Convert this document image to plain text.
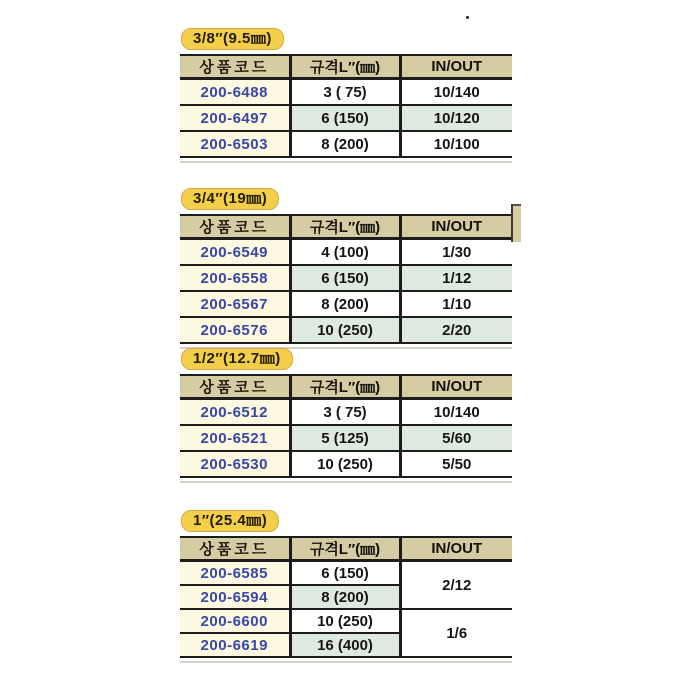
3/8″(9.5㎜)
상품코드	규격L″(㎜)	IN/OUT
200-6488	3 ( 75)	10/140
200-6497	6 (150)	10/120
200-6503	8 (200)	10/100
3/4″(19㎜)
상품코드	규격L″(㎜)	IN/OUT
200-6549	4 (100)	1/30
200-6558	6 (150)	1/12
200-6567	8 (200)	1/10
200-6576	10 (250)	2/20
1/2″(12.7㎜)
상품코드	규격L″(㎜)	IN/OUT
200-6512	3 ( 75)	10/140
200-6521	5 (125)	5/60
200-6530	10 (250)	5/50
1″(25.4㎜)
상품코드	규격L″(㎜)	IN/OUT
200-6585	6 (150)	2/12
200-6594	8 (200)	
200-6600	10 (250)	1/6
200-6619	16 (400)	
